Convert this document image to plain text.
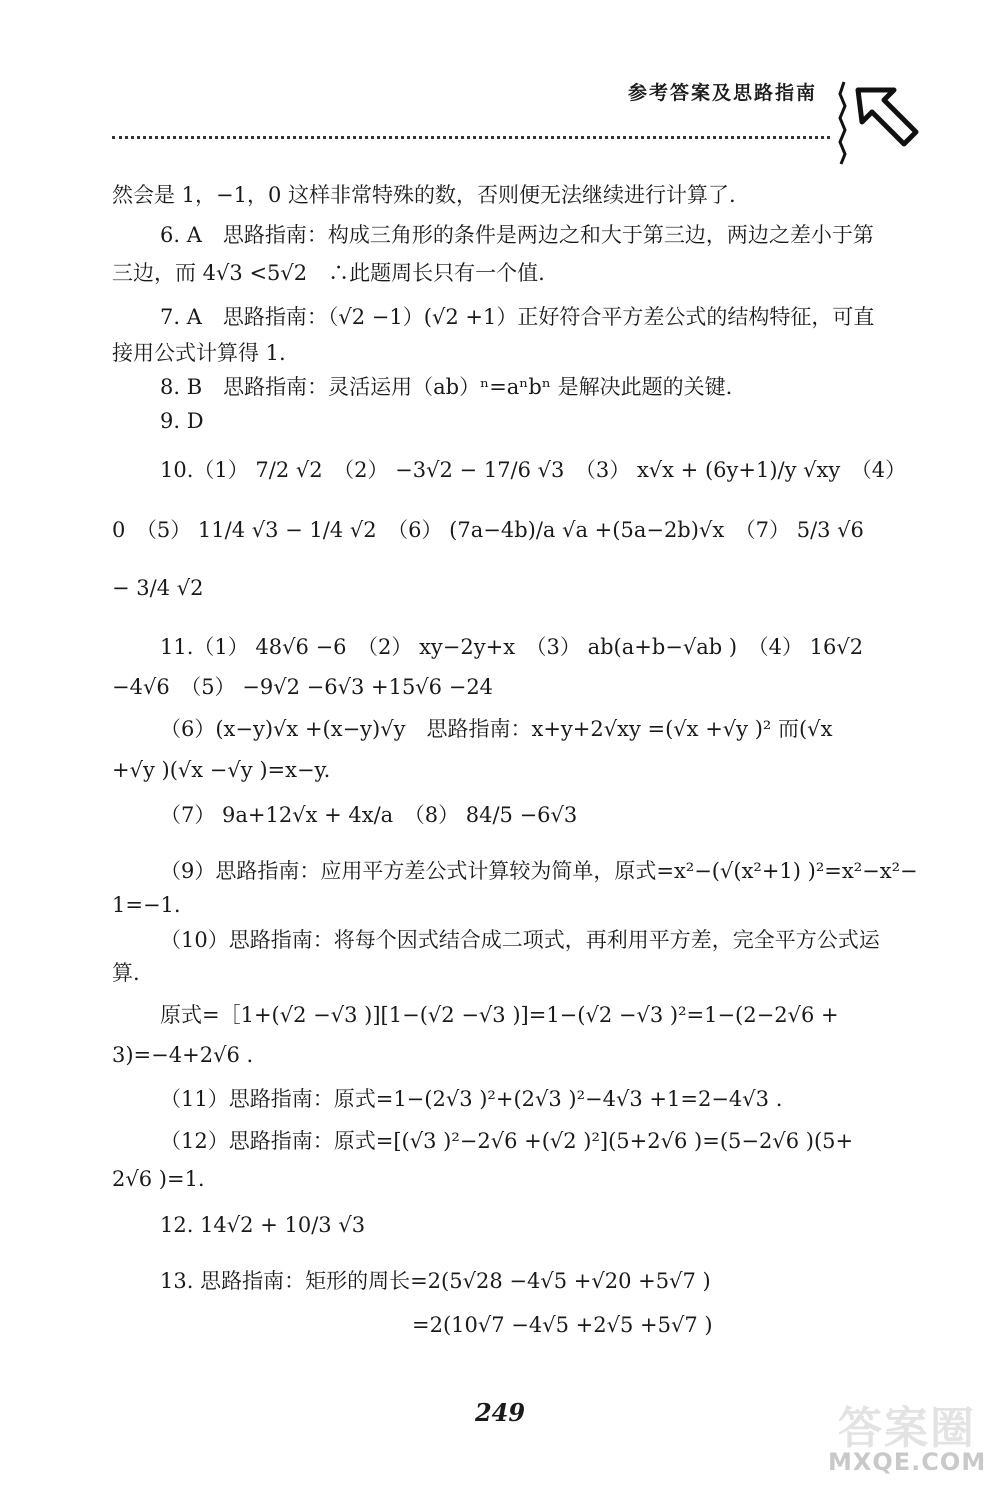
参考答案及思路指南
然会是 1，−1，0 这样非常特殊的数，否则便无法继续进行计算了.
6. A　思路指南：构成三角形的条件是两边之和大于第三边，两边之差小于第
三边，而 4√3 <5√2　∴此题周长只有一个值.
7. A　思路指南：（√2 −1）(√2 +1）正好符合平方差公式的结构特征，可直
接用公式计算得 1.
8. B　思路指南：灵活运用（ab）ⁿ=aⁿbⁿ 是解决此题的关键.
9. D
10.（1） 7/2 √2　（2） −3√2 − 17/6 √3　（3） x√x + (6y+1)/y √xy　（4）
0　（5） 11/4 √3 − 1/4 √2　（6） (7a−4b)/a √a +(5a−2b)√x　（7） 5/3 √6
− 3/4 √2
11.（1） 48√6 −6　（2） xy−2y+x　（3） ab(a+b−√ab )　（4） 16√2
−4√6　（5） −9√2 −6√3 +15√6 −24
（6）(x−y)√x +(x−y)√y　思路指南：x+y+2√xy =(√x +√y )² 而(√x
+√y )(√x −√y )=x−y.
（7） 9a+12√x + 4x/a　（8） 84/5 −6√3
（9）思路指南：应用平方差公式计算较为简单，原式=x²−(√(x²+1) )²=x²−x²−
1=−1.
（10）思路指南：将每个因式结合成二项式，再利用平方差，完全平方公式运
算.
原式=［1+(√2 −√3 )][1−(√2 −√3 )]=1−(√2 −√3 )²=1−(2−2√6 +
3)=−4+2√6 .
（11）思路指南：原式=1−(2√3 )²+(2√3 )²−4√3 +1=2−4√3 .
（12）思路指南：原式=[(√3 )²−2√6 +(√2 )²](5+2√6 )=(5−2√6 )(5+
2√6 )=1.
12. 14√2 + 10/3 √3
13. 思路指南：矩形的周长=2(5√28 −4√5 +√20 +5√7 )
=2(10√7 −4√5 +2√5 +5√7 )
249	答案圈
MXQE.COM
